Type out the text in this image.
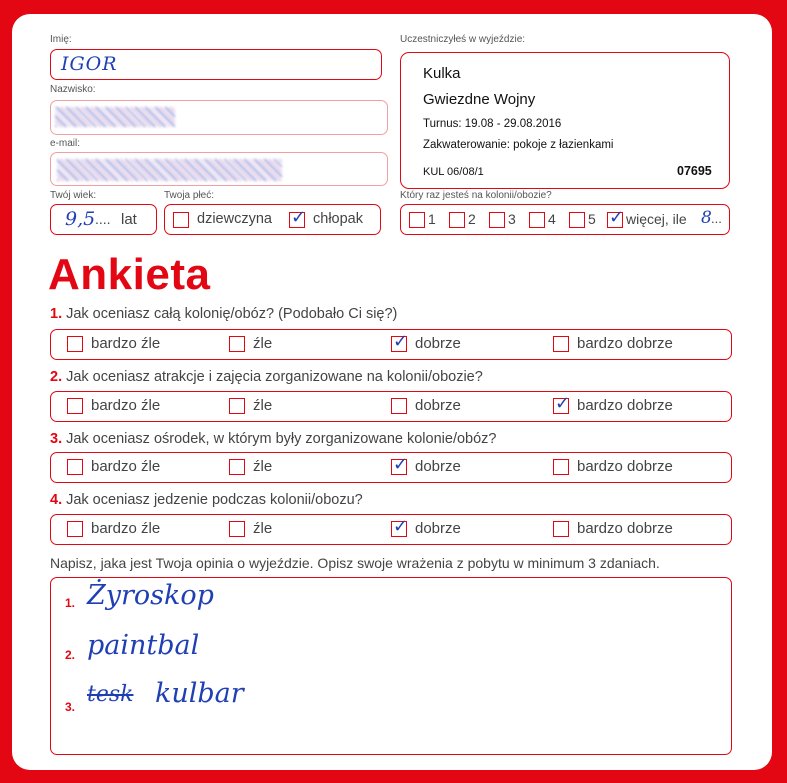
Imię:
IGOR
Nazwisko:
e-mail:
Twój wiek:
9,5 .... lat
Twoja płeć:
dziewczyna ✓ chłopak
Uczestniczyłeś w wyjeździe:
Kulka
Gwiezdne Wojny
Turnus: 19.08 - 29.08.2016
Zakwaterowanie: pokoje z łazienkami
KUL 06/08/1	07695
Który raz jesteś na kolonii/obozie?
1 2 3 4 5 ✓ więcej, ile 8 ...
Ankieta
1. Jak oceniasz całą kolonię/obóz? (Podobało Ci się?)
bardzo źle	źle	✓ dobrze	bardzo dobrze
2. Jak oceniasz atrakcje i zajęcia zorganizowane na kolonii/obozie?
bardzo źle	źle	dobrze	✓ bardzo dobrze
3. Jak oceniasz ośrodek, w którym były zorganizowane kolonie/obóz?
bardzo źle	źle	✓ dobrze	bardzo dobrze
4. Jak oceniasz jedzenie podczas kolonii/obozu?
bardzo źle	źle	✓ dobrze	bardzo dobrze
Napisz, jaka jest Twoja opinia o wyjeździe. Opisz swoje wrażenia z pobytu w minimum 3 zdaniach.
1. Żyroskop
2. paintbal
3. tesk kulbar
